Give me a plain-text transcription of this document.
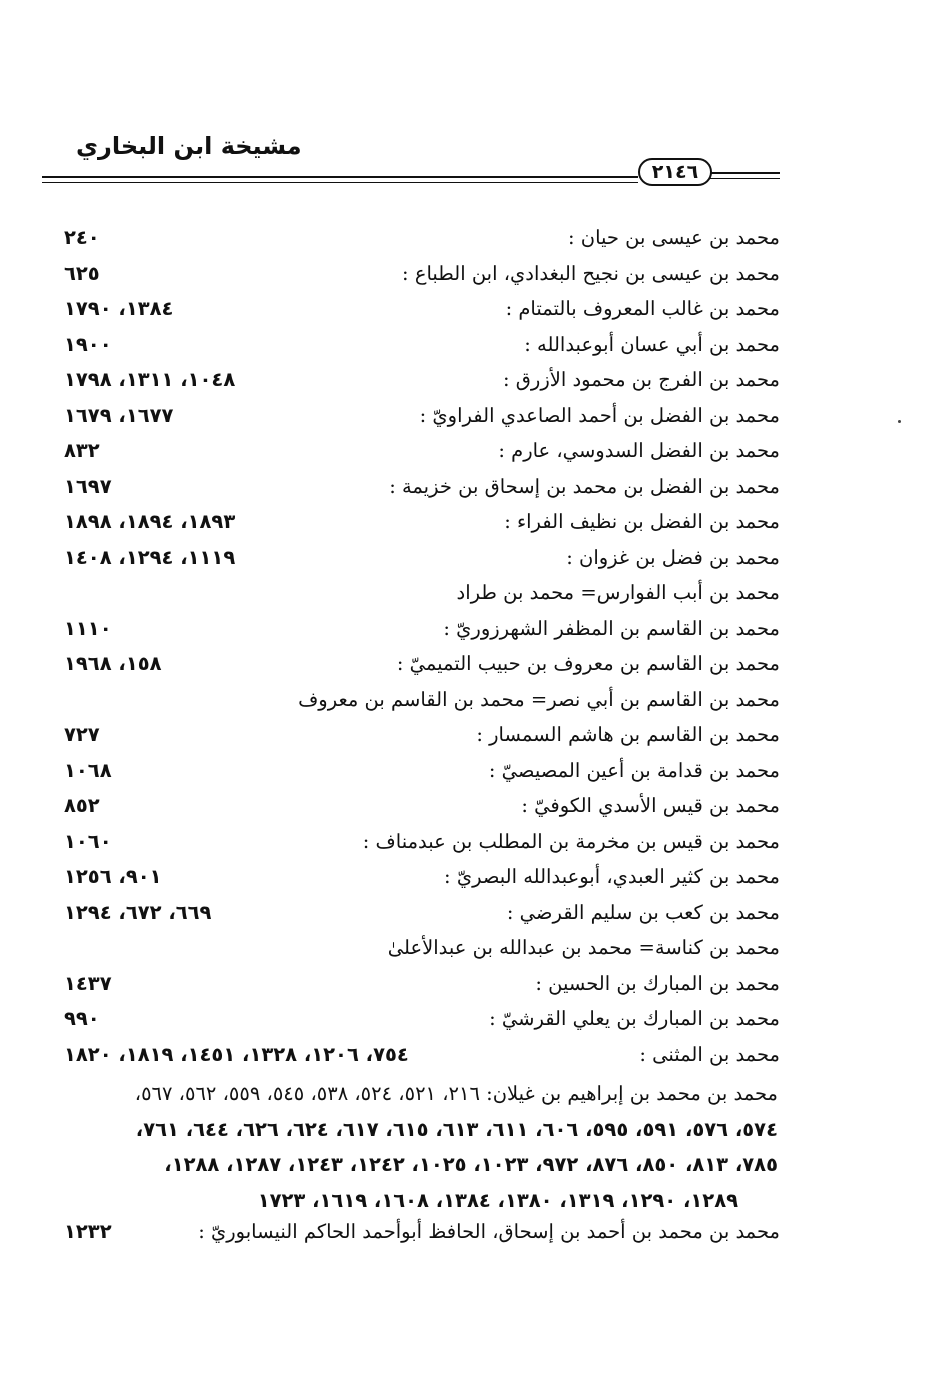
مشيخة ابن البخاري
٢١٤٦
محمد بن عيسى بن حيان :
٢٤٠
محمد بن عيسى بن نجيح البغدادي، ابن الطباع :
٦٢٥
محمد بن غالب المعروف بالتمتام :
١٣٨٤، ١٧٩٠
محمد بن أبي عسان أبوعبدالله :
١٩٠٠
محمد بن الفرج بن محمود الأزرق :
١٠٤٨، ١٣١١، ١٧٩٨
محمد بن الفضل بن أحمد الصاعدي الفراويّ :
١٦٧٧، ١٦٧٩
محمد بن الفضل السدوسي، عارم :
٨٣٢
محمد بن الفضل بن محمد بن إسحاق بن خزيمة :
١٦٩٧
محمد بن الفضل بن نظيف الفراء :
١٨٩٣، ١٨٩٤، ١٨٩٨
محمد بن فضل بن غزوان :
١١١٩، ١٢٩٤، ١٤٠٨
محمد بن أبب الفوارس= محمد بن طراد
محمد بن القاسم بن المظفر الشهرزوريّ :
١١١٠
محمد بن القاسم بن معروف بن حبيب التميميّ :
١٥٨، ١٩٦٨
محمد بن القاسم بن أبي نصر= محمد بن القاسم بن معروف
محمد بن القاسم بن هاشم السمسار :
٧٢٧
محمد بن قدامة بن أعين المصيصيّ :
١٠٦٨
محمد بن قيس الأسدي الكوفيّ :
٨٥٢
محمد بن قيس بن مخرمة بن المطلب بن عبدمناف :
١٠٦٠
محمد بن كثير العبدي، أبوعبدالله البصريّ :
٩٠١، ١٢٥٦
محمد بن كعب بن سليم القرضي :
٦٦٩، ٦٧٢، ١٢٩٤
محمد بن كناسة= محمد بن عبدالله بن عبدالأعلىٰ
محمد بن المبارك بن الحسين :
١٤٣٧
محمد بن المبارك بن يعلي القرشيّ :
٩٩٠
محمد بن المثنى :
٧٥٤، ١٢٠٦، ١٣٢٨، ١٤٥١، ١٨١٩، ١٨٢٠
محمد بن محمد بن إبراهيم بن غيلان: ٢١٦، ٥٢١، ٥٢٤، ٥٣٨، ٥٤٥، ٥٥٩، ٥٦٢، ٥٦٧،
٥٧٤، ٥٧٦، ٥٩١، ٥٩٥، ٦٠٦، ٦١١، ٦١٣، ٦١٥، ٦١٧، ٦٢٤، ٦٢٦، ٦٤٤، ٧٦١،
٧٨٥، ٨١٣، ٨٥٠، ٨٧٦، ٩٧٢، ١٠٢٣، ١٠٢٥، ١٢٤٢، ١٢٤٣، ١٢٨٧، ١٢٨٨،
١٢٨٩، ١٢٩٠، ١٣١٩، ١٣٨٠، ١٣٨٤، ١٦٠٨، ١٦١٩، ١٧٢٣
محمد بن محمد بن أحمد بن إسحاق، الحافظ أبوأحمد الحاكم النيسابوريّ :
١٢٣٢
